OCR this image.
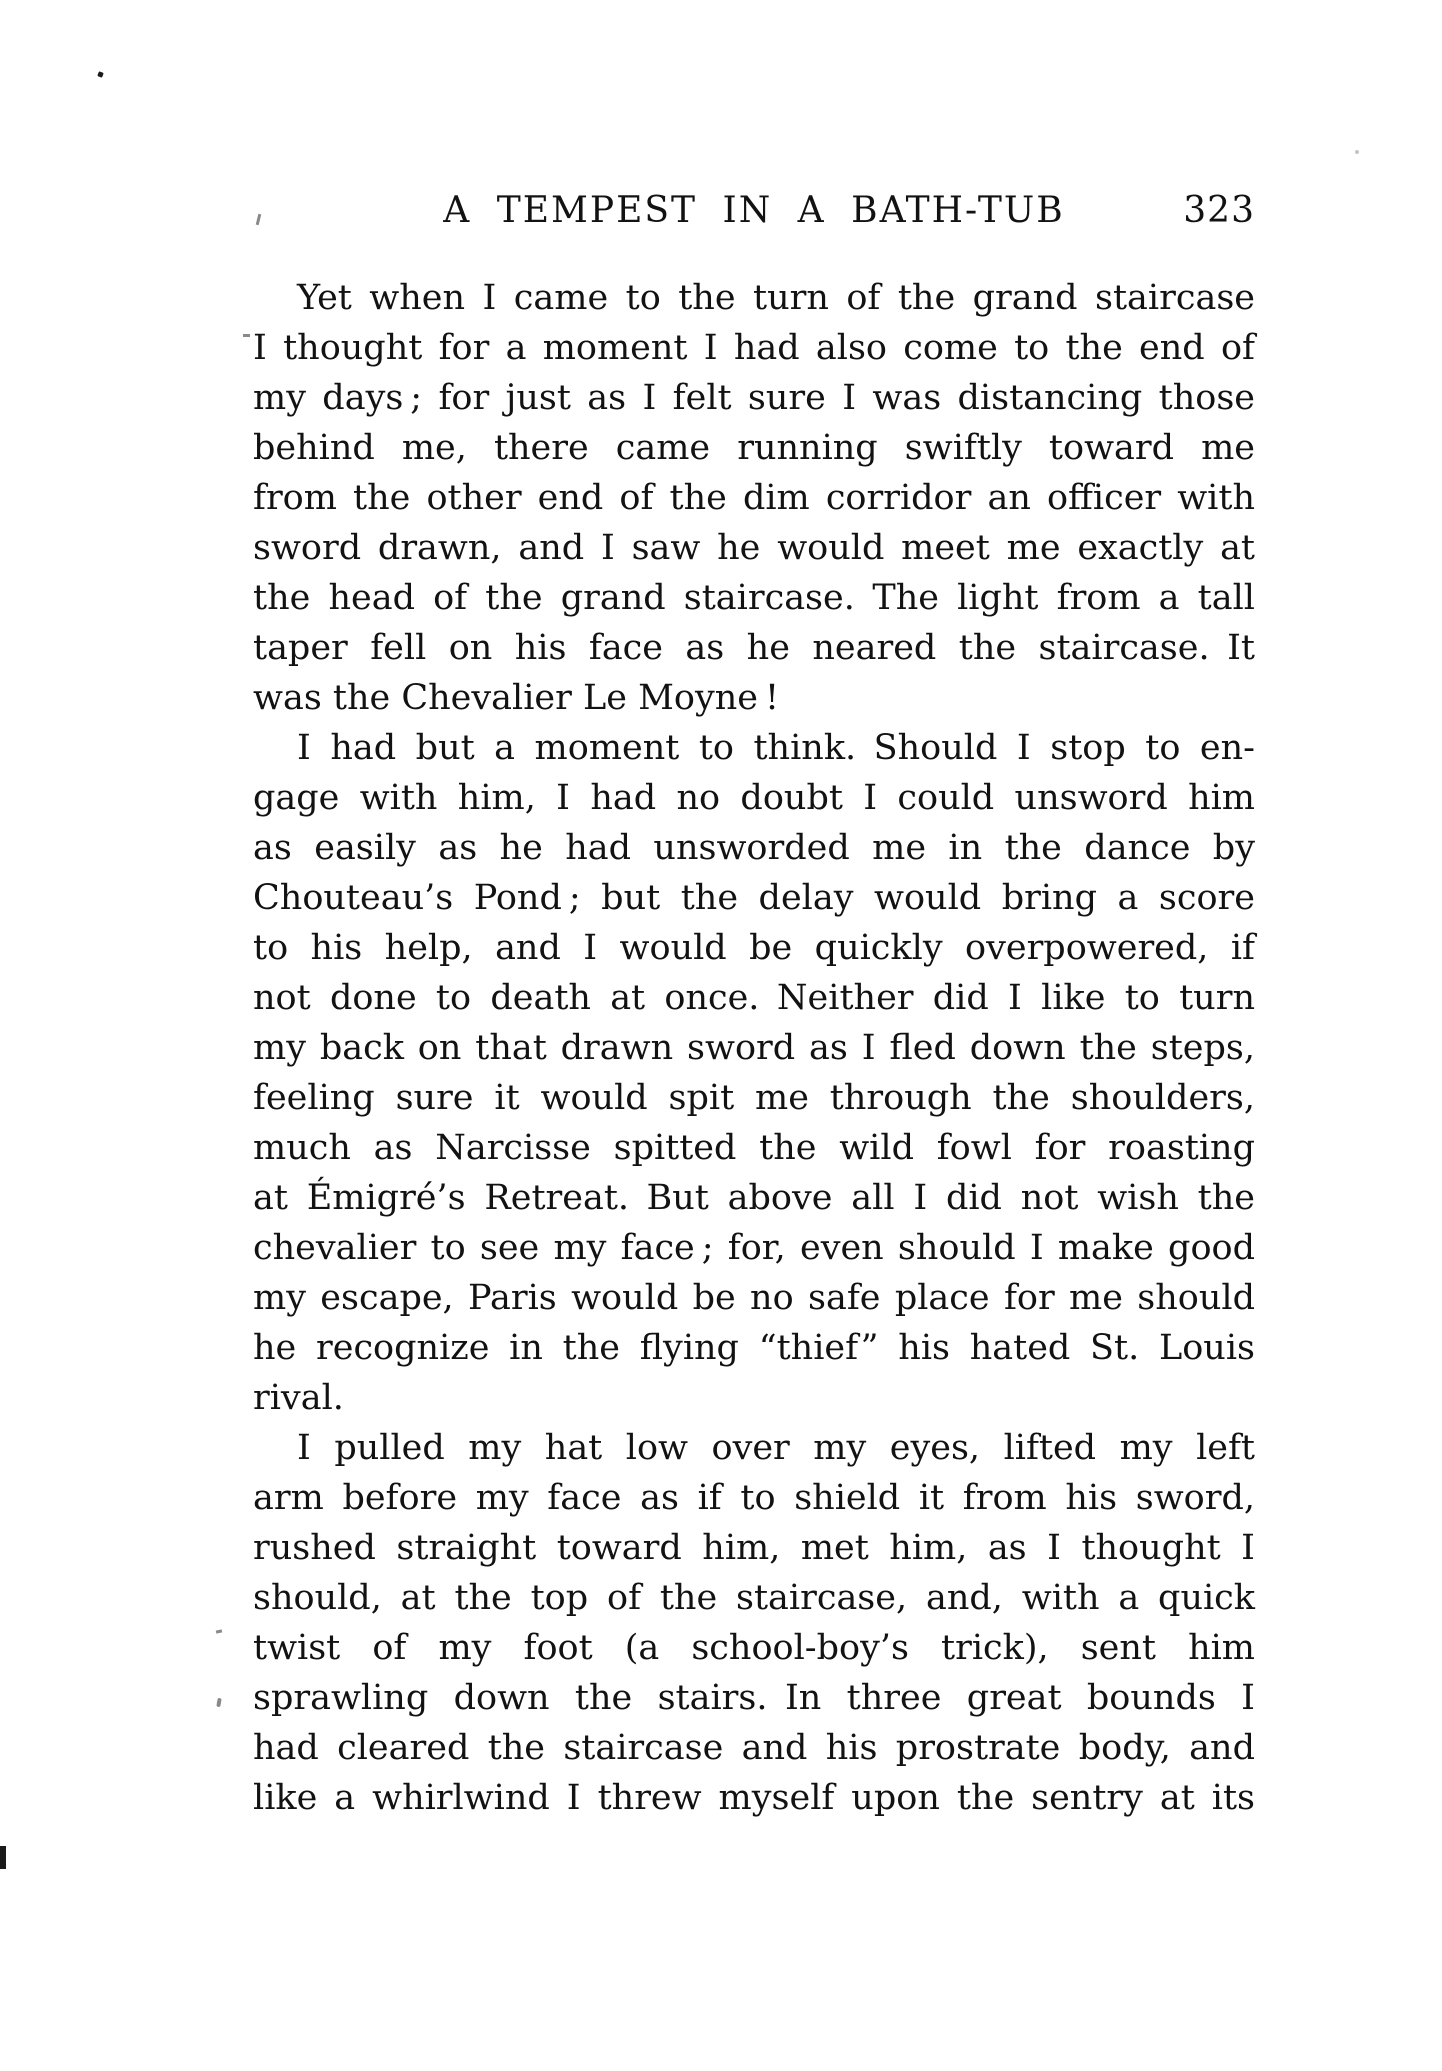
A TEMPEST IN A BATH-TUB	323
Yet when I came to the turn of the grand staircase
I thought for a moment I had also come to the end of
my days ; for just as I felt sure I was distancing those
behind me, there came running swiftly toward me
from the other end of the dim corridor an officer with
sword drawn, and I saw he would meet me exactly at
the head of the grand staircase. The light from a tall
taper fell on his face as he neared the staircase. It
was the Chevalier Le Moyne !
I had but a moment to think. Should I stop to en-
gage with him, I had no doubt I could unsword him
as easily as he had unsworded me in the dance by
Chouteau’s Pond ; but the delay would bring a score
to his help, and I would be quickly overpowered, if
not done to death at once. Neither did I like to turn
my back on that drawn sword as I fled down the steps,
feeling sure it would spit me through the shoulders,
much as Narcisse spitted the wild fowl for roasting
at Émigré’s Retreat. But above all I did not wish the
chevalier to see my face ; for, even should I make good
my escape, Paris would be no safe place for me should
he recognize in the flying “thief” his hated St. Louis
rival.
I pulled my hat low over my eyes, lifted my left
arm before my face as if to shield it from his sword,
rushed straight toward him, met him, as I thought I
should, at the top of the staircase, and, with a quick
twist of my foot (a school-boy’s trick), sent him
sprawling down the stairs. In three great bounds I
had cleared the staircase and his prostrate body, and
like a whirlwind I threw myself upon the sentry at its
